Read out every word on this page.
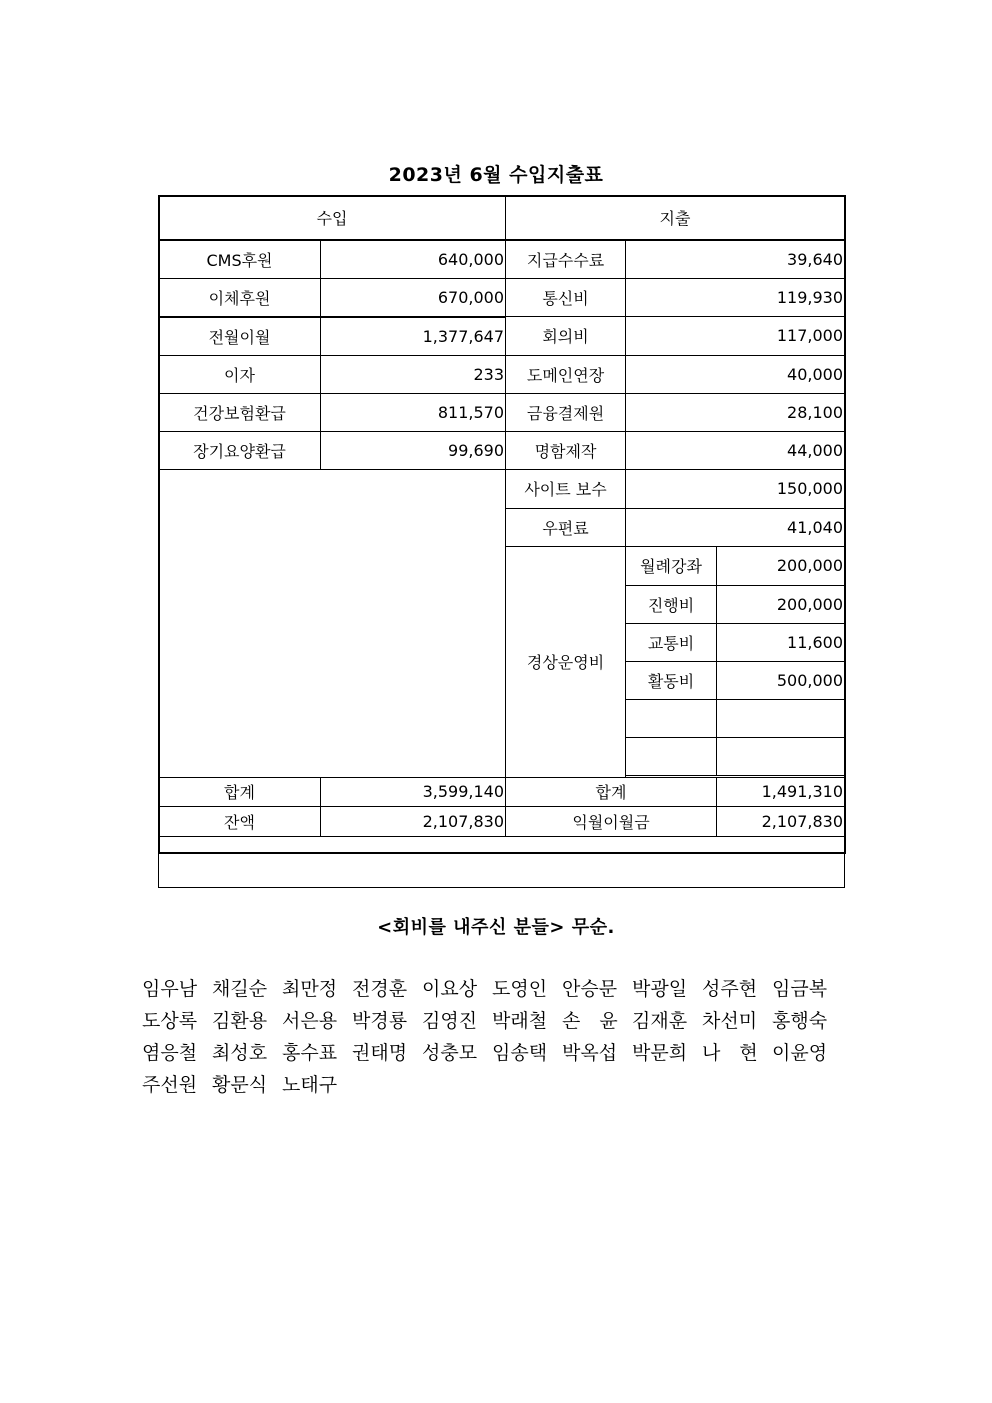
2023년 6월 수입지출표
수입		지출		
CMS후원	640,000	지급수수료	39,640	
이체후원	670,000	통신비	119,930	
전월이월	1,377,647	회의비	117,000	
이자	233	도메인연장	40,000	
건강보험환급	811,570	금융결제원	28,100	
장기요양환급	99,690	명함제작	44,000	
		사이트 보수	150,000	
		우편료	41,040	
		경상운영비	월례강좌	200,000
			진행비	200,000
			교통비	11,600
			활동비	500,000

합계	3,599,140	합계		1,491,310
잔액	2,107,830	익월이월금		2,107,830

<회비를 내주신 분들> 무순.
임우남 채길순 최만정 전경훈 이요상 도영인 안승문 박광일 성주현 임금복도상록 김환용 서은용 박경룡 김영진 박래철 손　윤 김재훈 차선미 홍행숙염응철 최성호 홍수표 권태명 성충모 임송택 박옥섭 박문희 나　현 이윤영주선원 황문식 노태구
